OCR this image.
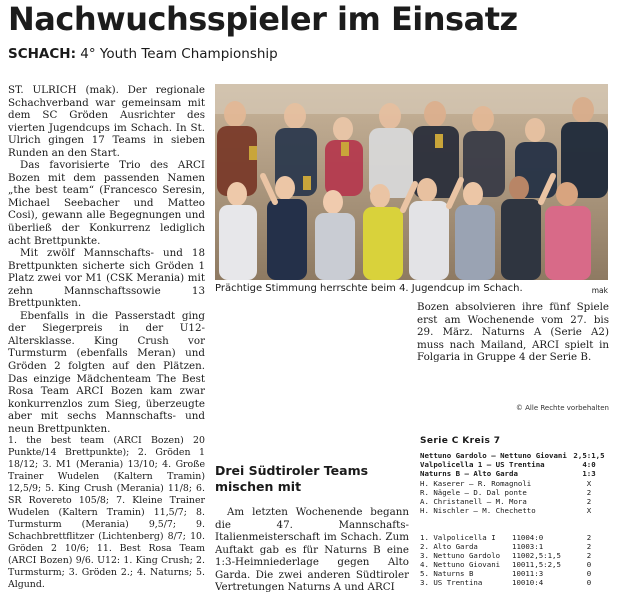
Nachwuchsspieler im Einsatz
SCHACH: 4° Youth Team Championship

ST. ULRICH (mak). Der regionale Schachverband war gemeinsam mit dem SC Gröden Ausrichter des vierten Jugendcups im Schach. In St. Ulrich gingen 17 Teams in sieben Runden an den Start.

Das favorisierte Trio des ARCI Bozen mit dem passenden Namen „the best team“ (Francesco Seresin, Michael Seebacher und Matteo Cosi), gewann alle Begegnungen und überließ der Konkurrenz lediglich acht Brettpunkte.

Mit zwölf Mannschafts- und 18 Brettpunkten sicherte sich Gröden 1 Platz zwei vor M1 (CSK Merania) mit zehn Mannschaftssowie 13 Brettpunkten.

Ebenfalls in die Passerstadt ging der Siegerpreis in der U12-Altersklasse. King Crush vor Turmsturm (ebenfalls Meran) und Gröden 2 folgten auf den Plätzen. Das einzige Mädchenteam The Best Rosa Team ARCI Bozen kam zwar konkurrenzlos zum Sieg, überzeugte aber mit sechs Mannschafts- und neun Brettpunkten.

1. the best team (ARCI Bozen) 20 Punkte/14 Brettpunkte); 2. Gröden 1 18/12; 3. M1 (Merania) 13/10; 4. Große Trainer Wudelen (Kaltern Tramin) 12,5/9; 5. King Crush (Merania) 11/8; 6. SR Rovereto 105/8; 7. Kleine Trainer Wudelen (Kaltern Tramin) 11,5/7; 8. Turmsturm (Merania) 9,5/7; 9. Schachbrettflitzer (Lichtenberg) 8/7; 10. Gröden 2 10/6; 11. Best Rosa Team (ARCI Bozen) 9/6. U12: 1. King Crush; 2. Turmsturm; 3. Gröden 2.; 4. Naturns; 5. Algund.

Prächtige Stimmung herrschte beim 4. Jugendcup im Schach.	mak
Drei Südtiroler Teams mischen mit

Am letzten Wochenende begann die 47. Mannschafts-Italienmeisterschaft im Schach. Zum Auftakt gab es für Naturns B eine 1:3-Heimniederlage gegen Alto Garda. Die zwei anderen Südtiroler Vertretungen Naturns A und ARCI

Bozen absolvieren ihre fünf Spiele erst am Wochenende vom 27. bis 29. März. Naturns A (Serie A2) muss nach Mailand, ARCI spielt in Folgaria in Gruppe 4 der Serie B.

© Alle Rechte vorbehalten
Serie C Kreis 7
Nettuno Gardolo – Nettuno Giovani 2,5:1,5
Valpolicella 1 – US Trentina	4:0
Naturns B – Alto Garda	1:3
H. Kaserer – R. Romagnoli	X
R. Nägele – D. Dal ponte	2
A. Christanell – M. Mora	2
H. Nischler – M. Chechetto	X
1. Valpolicella I	11004:0	2
2. Alto Garda	11003:1	2
3. Nettuno Gardolo	11002,5:1,5	2
4. Nettuno Giovani	10011,5:2,5	0
5. Naturns B	10011:3	0
3. US Trentina	10010:4	0
